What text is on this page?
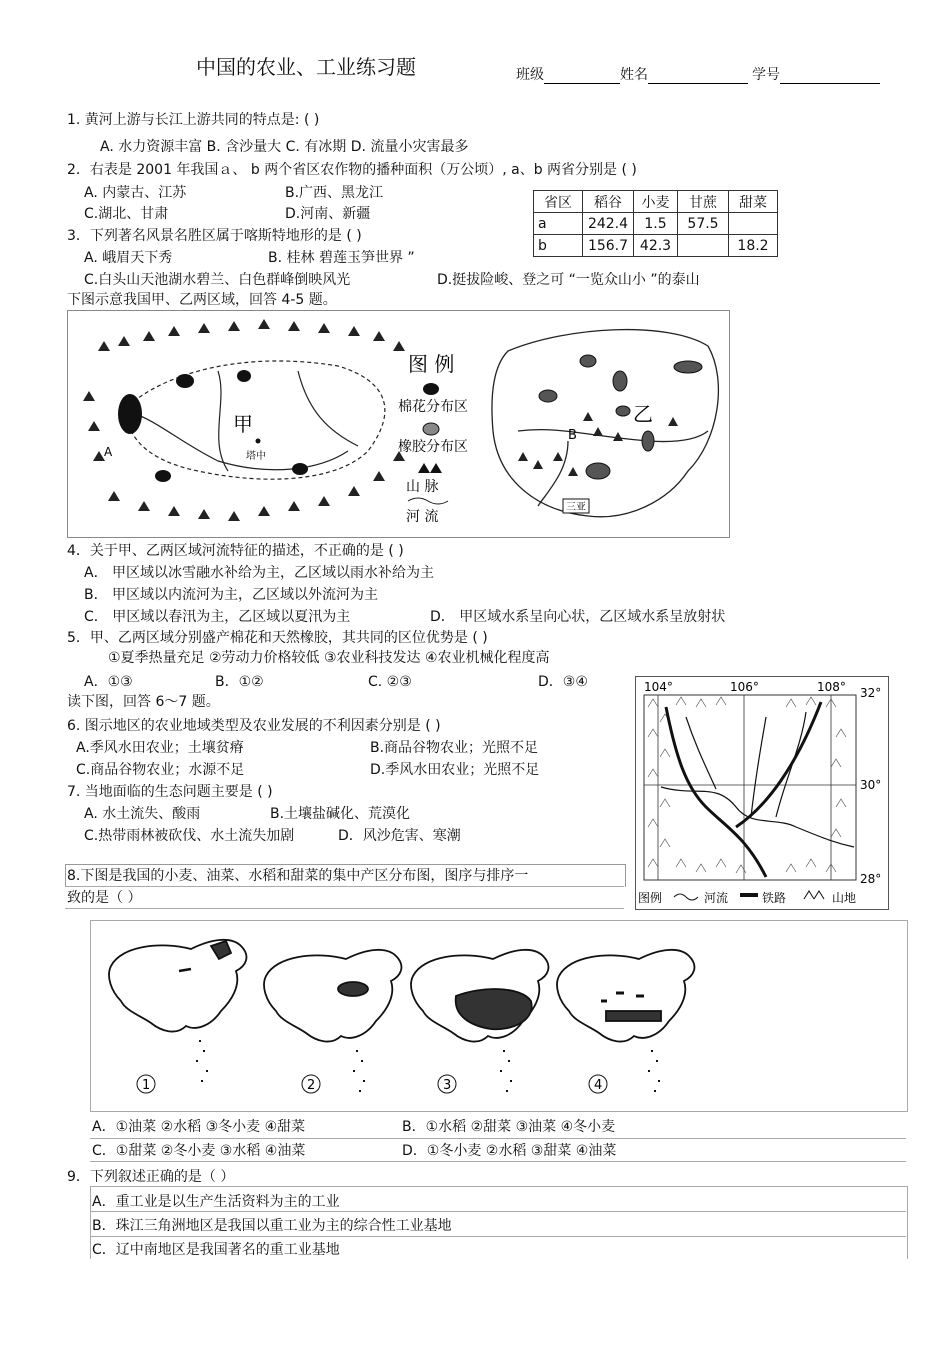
中国的农业、工业练习题	班级	姓名	学号
1. 黄河上游与长江上游共同的特点是: ( )
A. 水力资源丰富 B. 含沙量大 C. 有冰期 D. 流量小灾害最多
2．右表是 2001 年我国ａ、 b 两个省区农作物的播种面积（万公顷）, a、b 两省分别是 ( )
A. 内蒙古、江苏	B.广西、黑龙江
C.湖北、甘肃	D.河南、新疆
省区	稻谷	小麦	甘蔗	甜菜
a	242.4	1.5	57.5	
b	156.7	42.3		18.2
3．下列著名风景名胜区属于喀斯特地形的是 ( )
A. 峨眉天下秀	B. 桂林 碧莲玉笋世界 ”
C.白头山天池湖水碧兰、白色群峰倒映风光	D.挺拔险峻、登之可 “一览众山小 ”的泰山
下图示意我国甲、乙两区域，回答 4-5 题。
甲
塔中
A
图 例
棉花分布区
橡胶分布区
山 脉
河 流
乙
B
三亚
4．关于甲、乙两区域河流特征的描述，不正确的是 ( )
A． 甲区域以冰雪融水补给为主，乙区域以雨水补给为主
B． 甲区域以内流河为主，乙区域以外流河为主
C． 甲区域以春汛为主，乙区域以夏汛为主	D． 甲区域水系呈向心状，乙区域水系呈放射状
5．甲、乙两区域分别盛产棉花和天然橡胶，其共同的区位优势是 ( )
①夏季热量充足 ②劳动力价格较低 ③农业科技发达 ④农业机械化程度高
A．①③	B．①②	C. ②③	D．③④
读下图，回答 6～7 题。
104°	106°	108° 32°
30°
28°
图例	河流	铁路	山地
6. 图示地区的农业地域类型及农业发展的不利因素分别是 ( )
A.季风水田农业；土壤贫瘠	B.商品谷物农业；光照不足
C.商品谷物农业；水源不足	D.季风水田农业；光照不足
7. 当地面临的生态问题主要是 ( )
A. 水土流失、酸雨	B.土壤盐碱化、荒漠化
C.热带雨林被砍伐、水土流失加剧	D．风沙危害、寒潮
8.下图是我国的小麦、油菜、水稻和甜菜的集中产区分布图，图序与排序一
致的是（ ）
1	2	3	4
A．①油菜 ②水稻 ③冬小麦 ④甜菜	B．①水稻 ②甜菜 ③油菜 ④冬小麦
C．①甜菜 ②冬小麦 ③水稻 ④油菜	D．①冬小麦 ②水稻 ③甜菜 ④油菜
9．下列叙述正确的是（ ）
A．重工业是以生产生活资料为主的工业
B．珠江三角洲地区是我国以重工业为主的综合性工业基地
C．辽中南地区是我国著名的重工业基地
